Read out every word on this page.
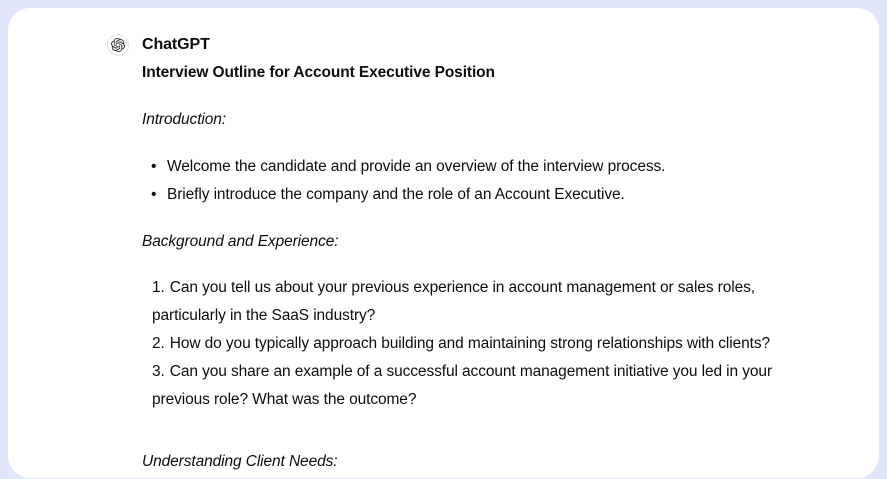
ChatGPT
Interview Outline for Account Executive Position
Introduction:
• Welcome the candidate and provide an overview of the interview process.
• Briefly introduce the company and the role of an Account Executive.
Background and Experience:
1. Can you tell us about your previous experience in account management or sales roles, particularly in the SaaS industry?
2. How do you typically approach building and maintaining strong relationships with clients?
3. Can you share an example of a successful account management initiative you led in your previous role? What was the outcome?
Understanding Client Needs:
